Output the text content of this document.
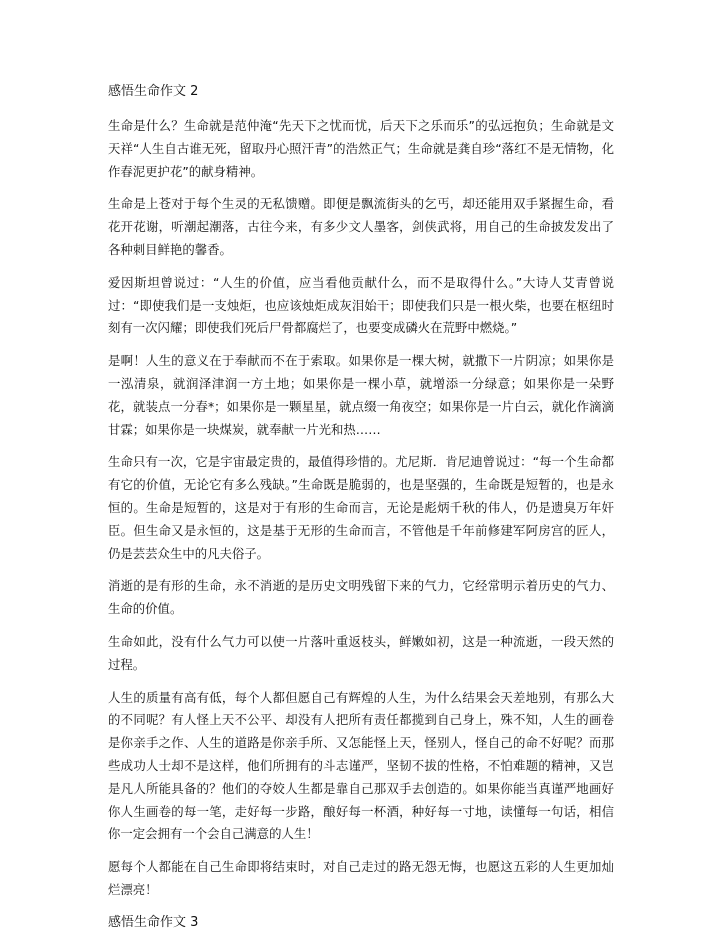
感悟生命作文 2

生命是什么？生命就是范仲淹“先天下之忧而忧，后天下之乐而乐”的弘远抱负；生命就是文天祥“人生自古谁无死，留取丹心照汗青”的浩然正气；生命就是龚自珍“落红不是无情物，化作春泥更护花”的献身精神。

生命是上苍对于每个生灵的无私馈赠。即便是飘流街头的乞丐，却还能用双手紧握生命，看花开花谢，听潮起潮落，古往今来，有多少文人墨客，剑侠武将，用自己的生命披发发出了各种刺目鲜艳的馨香。

爱因斯坦曾说过：“人生的价值，应当看他贡献什么，而不是取得什么。”大诗人艾青曾说过：“即使我们是一支烛炬，也应该烛炬成灰泪始干；即使我们只是一根火柴，也要在枢纽时刻有一次闪耀；即使我们死后尸骨都腐烂了，也要变成磷火在荒野中燃烧。”

是啊！人生的意义在于奉献而不在于索取。如果你是一棵大树，就撒下一片阴凉；如果你是一泓清泉，就润泽津润一方土地；如果你是一棵小草，就增添一分绿意；如果你是一朵野花，就装点一分春*；如果你是一颗星星，就点缀一角夜空；如果你是一片白云，就化作滴滴甘霖；如果你是一块煤炭，就奉献一片光和热……

生命只有一次，它是宇宙最定贵的，最值得珍惜的。尤尼斯．肯尼迪曾说过：“每一个生命都有它的价值，无论它有多么残缺。”生命既是脆弱的，也是坚强的，生命既是短暂的，也是永恒的。生命是短暂的，这是对于有形的生命而言，无论是彪炳千秋的伟人，仍是遗臭万年奸臣。但生命又是永恒的，这是基于无形的生命而言，不管他是千年前修建军阿房宫的匠人，仍是芸芸众生中的凡夫俗子。

消逝的是有形的生命，永不消逝的是历史文明残留下来的气力，它经常明示着历史的气力、生命的价值。

生命如此，没有什么气力可以使一片落叶重返枝头，鲜嫩如初，这是一种流逝，一段天然的过程。

人生的质量有高有低，每个人都但愿自己有辉煌的人生，为什么结果会天差地别，有那么大的不同呢？有人怪上天不公平、却没有人把所有责任都揽到自己身上，殊不知，人生的画卷是你亲手之作、人生的道路是你亲手所、又怎能怪上天，怪别人，怪自己的命不好呢？而那些成功人士却不是这样，他们所拥有的斗志谨严，坚韧不拔的性格，不怕难题的精神，又岂是凡人所能具备的？他们的夺姣人生都是靠自己那双手去创造的。如果你能当真谨严地画好你人生画卷的每一笔，走好每一步路，酿好每一杯酒，种好每一寸地，读懂每一句话，相信你一定会拥有一个会自己满意的人生！

愿每个人都能在自己生命即将结束时，对自己走过的路无怨无悔，也愿这五彩的人生更加灿烂漂亮！

感悟生命作文 3
